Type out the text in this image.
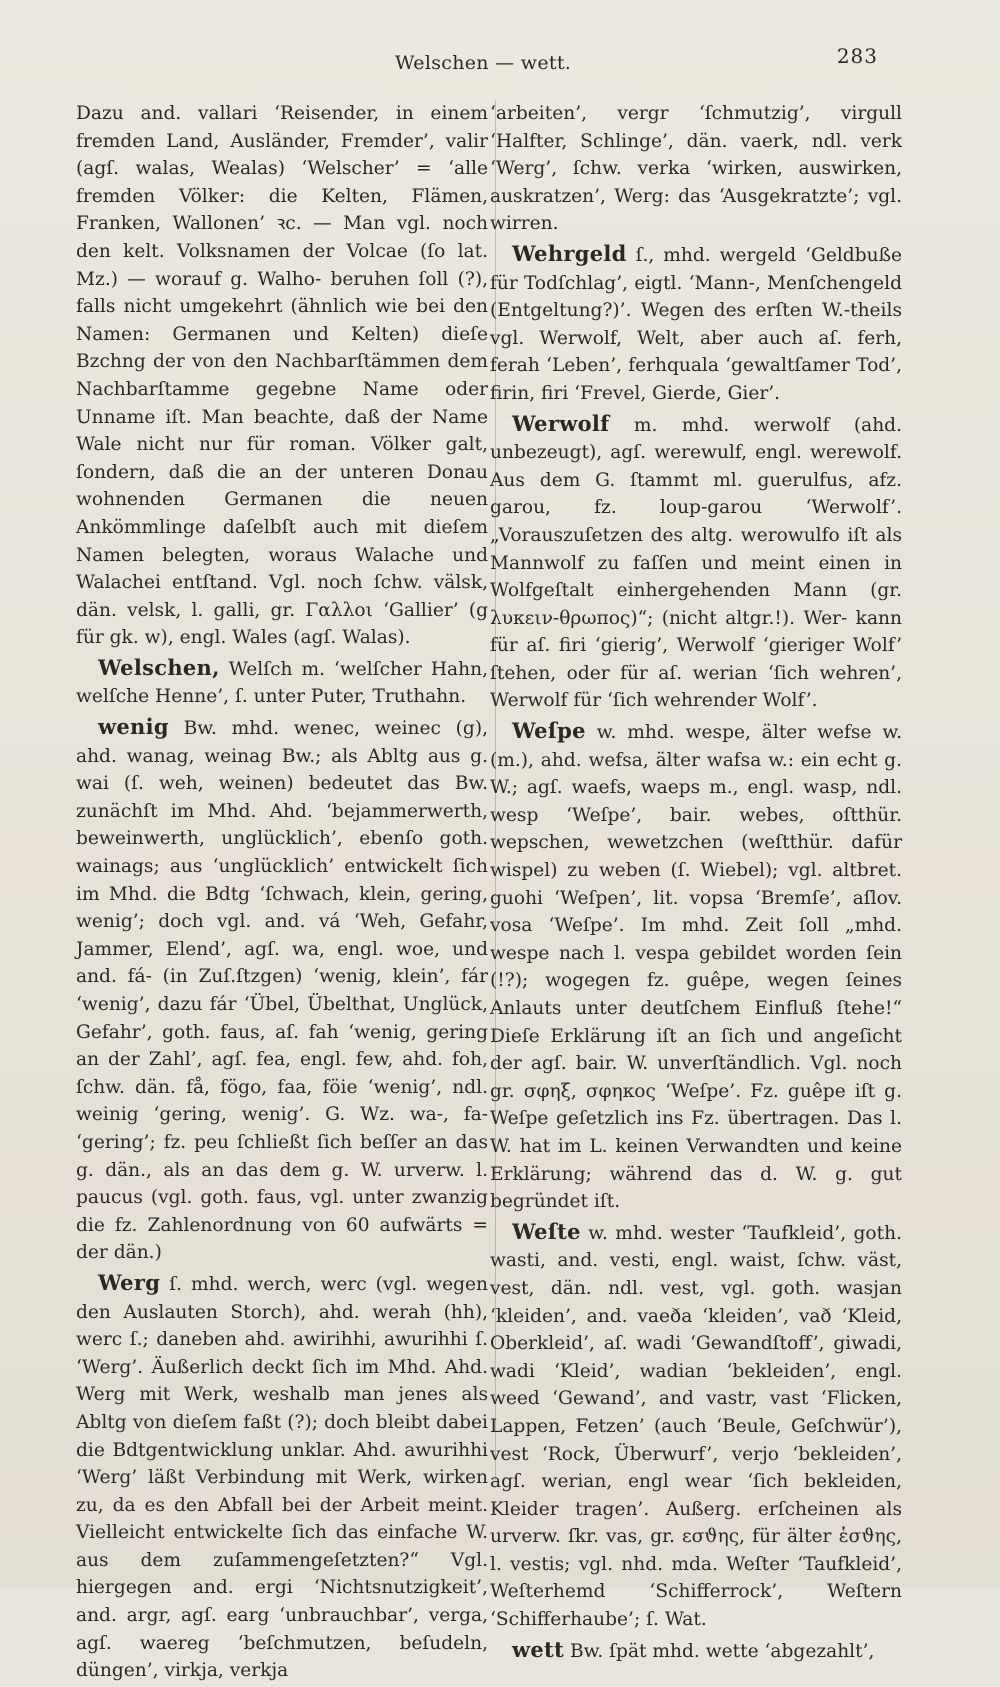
Welschen — wett.	283

Dazu and. vallari ‘Reisender, in einem fremden Land, Ausländer, Fremder’, valir (agſ. walas, Wealas) ‘Welscher’ = ‘alle fremden Völker: die Kelten, Flämen, Franken, Wallonen’ ꝛc. — Man vgl. noch den kelt. Volksnamen der Volcae (ſo lat. Mz.) — worauf g. Walho- beruhen ſoll (?), falls nicht umgekehrt (ähnlich wie bei den Namen: Germanen und Kelten) dieſe Bzchng der von den Nachbarſtämmen dem Nachbarſtamme gegebne Name oder Unname iſt. Man beachte, daß der Name Wale nicht nur für roman. Völker galt, ſondern, daß die an der unteren Donau wohnenden Germanen die neuen Ankömmlinge daſelbſt auch mit dieſem Namen belegten, woraus Walache und Walachei entſtand. Vgl. noch ſchw. välsk, dän. velsk, l. galli, gr. Γαλλοι ‘Gallier’ (g für gk. w), engl. Wales (agſ. Walas).

Welschen, Welſch m. ‘welſcher Hahn, welſche Henne’, ſ. unter Puter, Truthahn.

wenig Bw. mhd. wenec, weinec (g), ahd. wanag, weinag Bw.; als Abltg aus g. wai (ſ. weh, weinen) bedeutet das Bw. zunächſt im Mhd. Ahd. ‘bejammerwerth, beweinwerth, unglücklich’, ebenſo goth. wainags; aus ‘unglücklich’ entwickelt ſich im Mhd. die Bdtg ‘ſchwach, klein, gering, wenig’; doch vgl. and. vá ‘Weh, Gefahr, Jammer, Elend’, agſ. wa, engl. woe, und and. fá- (in Zuſ.ſtzgen) ‘wenig, klein’, fár ‘wenig’, dazu fár ‘Übel, Übelthat, Unglück, Gefahr’, goth. faus, aſ. fah ‘wenig, gering an der Zahl’, agſ. fea, engl. few, ahd. foh, ſchw. dän. få, fögo, faa, föie ‘wenig’, ndl. weinig ‘gering, wenig’. G. Wz. wa-, fa- ‘gering’; fz. peu ſchließt ſich beſſer an das g. dän., als an das dem g. W. urverw. l. paucus (vgl. goth. faus, vgl. unter zwanzig die fz. Zahlenordnung von 60 aufwärts = der dän.)

Werg ſ. mhd. werch, werc (vgl. wegen den Auslauten Storch), ahd. werah (hh), werc ſ.; daneben ahd. awirihhi, awurihhi ſ. ‘Werg’. Äußerlich deckt ſich im Mhd. Ahd. Werg mit Werk, weshalb man jenes als Abltg von dieſem faßt (?); doch bleibt dabei die Bdtgentwicklung unklar. Ahd. awurihhi ‘Werg’ läßt Verbindung mit Werk, wirken zu, da es den Abfall bei der Arbeit meint. Vielleicht entwickelte ſich das einfache W. aus dem zuſammengeſetzten?“ Vgl. hiergegen and. ergi ‘Nichtsnutzigkeit’, and. argr, agſ. earg ‘unbrauchbar’, verga, agſ. waereg ‘beſchmutzen, beſudeln, düngen’, virkja, verkja

‘arbeiten’, vergr ‘ſchmutzig’, virgull ‘Halfter, Schlinge’, dän. vaerk, ndl. verk ‘Werg’, ſchw. verka ‘wirken, auswirken, auskratzen’, Werg: das ‘Ausgekratzte’; vgl. wirren.

Wehrgeld ſ., mhd. wergeld ‘Geldbuße für Todſchlag’, eigtl. ‘Mann-, Menſchengeld (Entgeltung?)’. Wegen des erſten W.-theils vgl. Werwolf, Welt, aber auch aſ. ferh, ferah ‘Leben’, ferhquala ‘gewaltſamer Tod’, firin, firi ‘Frevel, Gierde, Gier’.

Werwolf m. mhd. werwolf (ahd. unbezeugt), agſ. werewulf, engl. werewolf. Aus dem G. ſtammt ml. guerulfus, afz. garou, fz. loup-garou ‘Werwolf’. „Vorauszuſetzen des altg. werowulfo iſt als Mannwolf zu faſſen und meint einen in Wolfgeſtalt einhergehenden Mann (gr. λυκειν-θρωπος)“; (nicht altgr.!). Wer- kann für aſ. firi ‘gierig’, Werwolf ‘gieriger Wolf’ ſtehen, oder für aſ. werian ‘ſich wehren’, Werwolf für ‘ſich wehrender Wolf’.

Weſpe w. mhd. wespe, älter wefse w. (m.), ahd. wefsa, älter wafsa w.: ein echt g. W.; agſ. waefs, waeps m., engl. wasp, ndl. wesp ‘Weſpe’, bair. webes, oſtthür. wepschen, wewetzchen (weſtthür. dafür wispel) zu weben (ſ. Wiebel); vgl. altbret. guohi ‘Weſpen’, lit. vopsa ‘Bremſe’, aſlov. vosa ‘Weſpe’. Im mhd. Zeit ſoll „mhd. wespe nach l. vespa gebildet worden ſein (!?); wogegen fz. guêpe, wegen ſeines Anlauts unter deutſchem Einfluß ſtehe!“ Dieſe Erklärung iſt an ſich und angeſicht der agſ. bair. W. unverſtändlich. Vgl. noch gr. σφηξ, σφηκος ‘Weſpe’. Fz. guêpe iſt g. Weſpe geſetzlich ins Fz. übertragen. Das l. W. hat im L. keinen Verwandten und keine Erklärung; während das d. W. g. gut begründet iſt.

Weſte w. mhd. wester ‘Taufkleid’, goth. wasti, and. vesti, engl. waist, ſchw. väst, vest, dän. ndl. vest, vgl. goth. wasjan ‘kleiden’, and. vaeða ‘kleiden’, vað ‘Kleid, Oberkleid’, aſ. wadi ‘Gewandſtoff’, giwadi, wadi ‘Kleid’, wadian ‘bekleiden’, engl. weed ‘Gewand’, and vastr, vast ‘Flicken, Lappen, Fetzen’ (auch ‘Beule, Geſchwür’), vest ‘Rock, Überwurf’, verjo ‘bekleiden’, agſ. werian, engl wear ‘ſich bekleiden, Kleider tragen’. Außerg. erſcheinen als urverw. ſkr. vas, gr. εσϑης, für älter ἑσϑης, l. vestis; vgl. nhd. mda. Weſter ‘Taufkleid’, Weſterhemd ‘Schifferrock’, Weſtern ‘Schifferhaube’; ſ. Wat.

wett Bw. ſpät mhd. wette ‘abgezahlt’,
